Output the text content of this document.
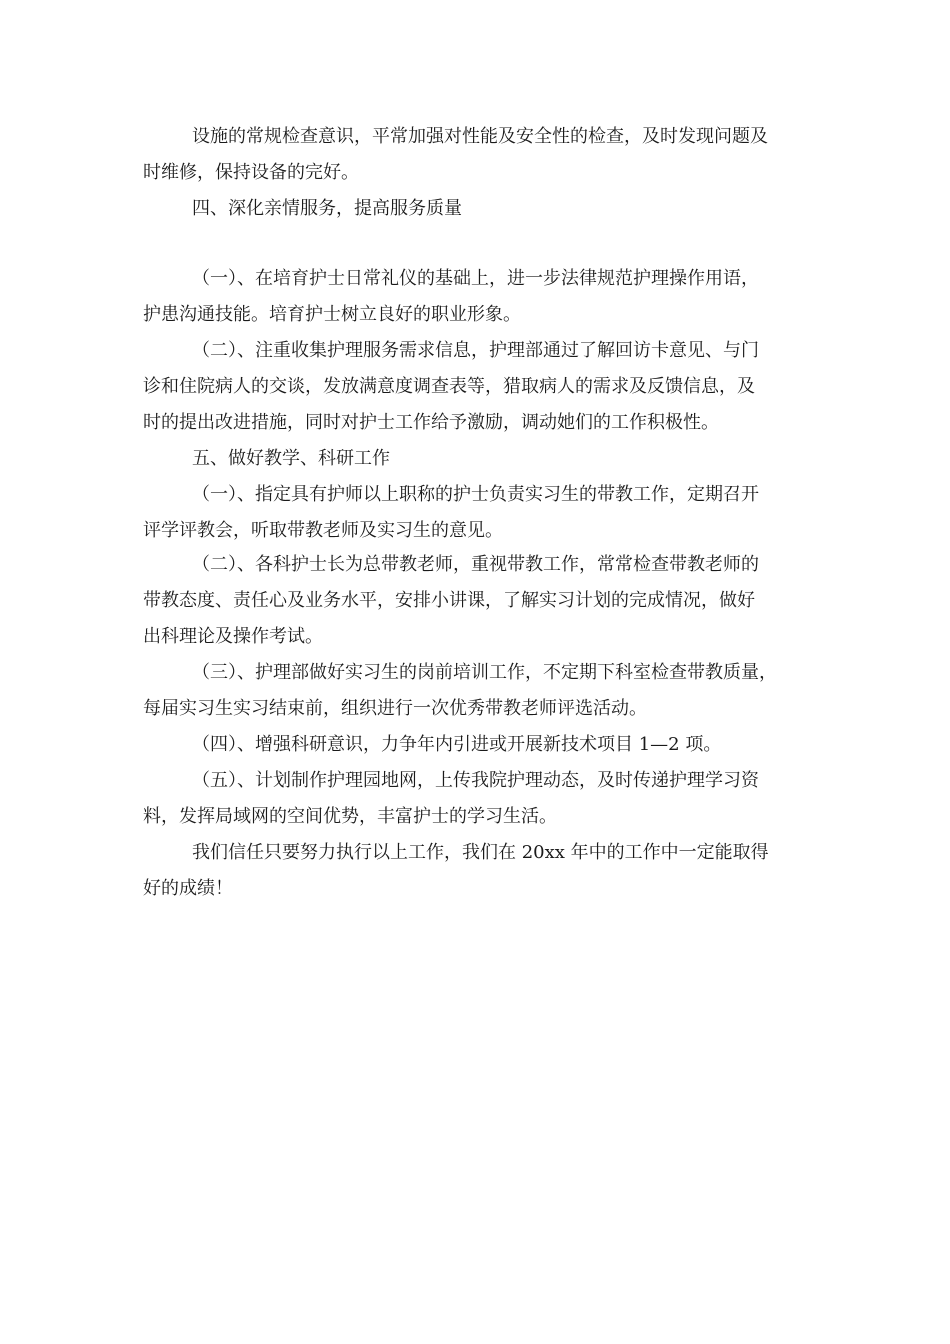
设施的常规检查意识，平常加强对性能及安全性的检查，及时发现问题及

时维修，保持设备的完好。

四、深化亲情服务，提高服务质量

（一）、在培育护士日常礼仪的基础上，进一步法律规范护理操作用语，

护患沟通技能。培育护士树立良好的职业形象。

（二）、注重收集护理服务需求信息，护理部通过了解回访卡意见、与门

诊和住院病人的交谈，发放满意度调查表等，猎取病人的需求及反馈信息，及

时的提出改进措施，同时对护士工作给予激励，调动她们的工作积极性。

五、做好教学、科研工作

（一）、指定具有护师以上职称的护士负责实习生的带教工作，定期召开

评学评教会，听取带教老师及实习生的意见。

（二）、各科护士长为总带教老师，重视带教工作，常常检查带教老师的

带教态度、责任心及业务水平，安排小讲课，了解实习计划的完成情况，做好

出科理论及操作考试。

（三）、护理部做好实习生的岗前培训工作，不定期下科室检查带教质量，

每届实习生实习结束前，组织进行一次优秀带教老师评选活动。

（四）、增强科研意识，力争年内引进或开展新技术项目 1—2 项。

（五）、计划制作护理园地网，上传我院护理动态，及时传递护理学习资

料，发挥局域网的空间优势，丰富护士的学习生活。

我们信任只要努力执行以上工作，我们在 20xx 年中的工作中一定能取得

好的成绩！
